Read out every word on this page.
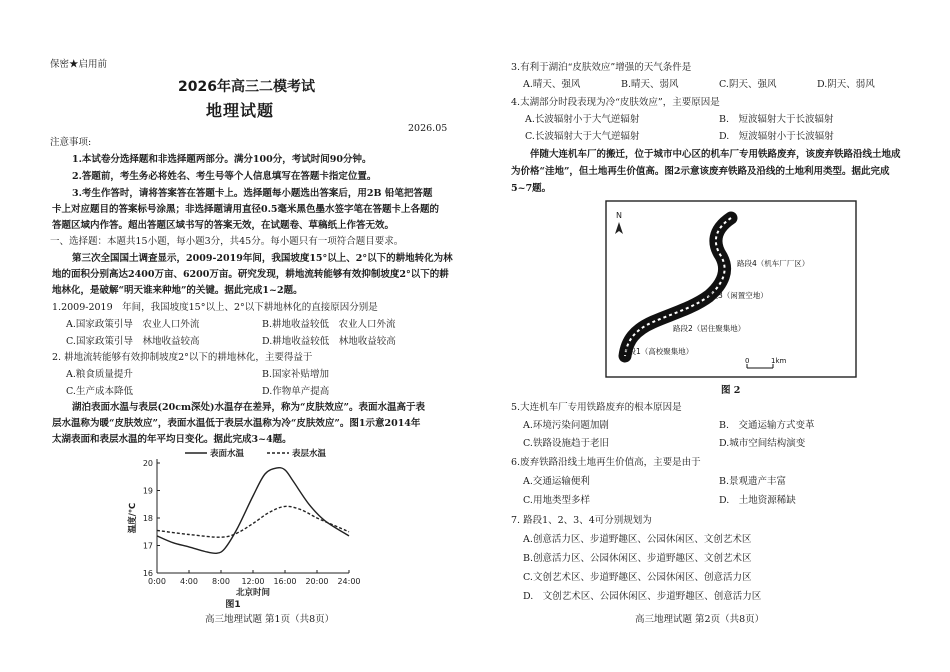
保密★启用前
2026年高三二模考试
地理试题
2026.05
注意事项:
1.本试卷分选择题和非选择题两部分。满分100分，考试时间90分钟。
2.答题前，考生务必将姓名、考生号等个人信息填写在答题卡指定位置。
3.考生作答时，请将答案答在答题卡上。选择题每小题选出答案后，用2B 铅笔把答题
卡上对应题目的答案标号涂黑；非选择题请用直径0.5毫米黑色墨水签字笔在答题卡上各题的
答题区域内作答。超出答题区域书写的答案无效，在试题卷、草稿纸上作答无效。
一、选择题：本题共15小题，每小题3分，共45分。每小题只有一项符合题目要求。
第三次全国国土调查显示，2009-2019年间，我国坡度15°以上、2°以下的耕地转化为林
地的面积分别高达2400万亩、6200万亩。研究发现，耕地流转能够有效抑制坡度2°以下的耕
地林化，是破解“明天谁来种地”的关键。据此完成1~2题。
1.2009-2019　年间，我国坡度15°以上、2°以下耕地林化的直接原因分别是
A.国家政策引导　农业人口外流	B.耕地收益较低　农业人口外流
C.国家政策引导　林地收益较高	D.耕地收益较低　林地收益较高
2. 耕地流转能够有效抑制坡度2°以下的耕地林化，主要得益于
A.粮食质量提升	B.国家补贴增加
C.生产成本降低	D.作物单产提高
湖泊表面水温与表层(20cm深处)水温存在差异，称为“皮肤效应”。表面水温高于表
层水温称为暖“皮肤效应”，表面水温低于表层水温称为冷“皮肤效应”。图1示意2014年
太湖表面和表层水温的年平均日变化。据此完成3~4题。
16
17
18
19
20
0:00 4:00 8:00 12:00 16:00 20:00 24:00
北京时间
温度/℃
表面水温	表层水温
图1
高三地理试题 第1页（共8页）
3.有利于湖泊“皮肤效应”增强的天气条件是
A.晴天、强风	B.晴天、弱风	C.阴天、强风	D.阴天、弱风
4.太湖部分时段表现为冷“皮肤效应”，主要原因是
A.长波辐射小于大气逆辐射	B.　短波辐射大于长波辐射
C.长波辐射大于大气逆辐射	D.　短波辐射小于长波辐射
伴随大连机车厂的搬迁，位于城市中心区的机车厂专用铁路废弃，该废弃铁路沿线土地成
为价格“洼地”，但土地再生价值高。图2示意该废弃铁路及沿线的土地利用类型。据此完成
5~7题。
N
路段4（机车厂厂区）
路段3（闲置空地）
路段2（居住聚集地）
路段1（高校聚集地）
0	1km
图 2
5.大连机车厂专用铁路废弃的根本原因是
A.环境污染问题加剧	B.　交通运输方式变革
C.铁路设施趋于老旧	D.城市空间结构演变
6.废弃铁路沿线土地再生价值高，主要是由于
A.交通运输便利	B.景观遗产丰富
C.用地类型多样	D.　土地资源稀缺
7. 路段1、2、3、4可分别规划为
A.创意活力区、步道野趣区、公园休闲区、文创艺术区
B.创意活力区、公园休闲区、步道野趣区、文创艺术区
C.文创艺术区、步道野趣区、公园休闲区、创意活力区
D.　文创艺术区、公园休闲区、步道野趣区、创意活力区
高三地理试题 第2页（共8页）
